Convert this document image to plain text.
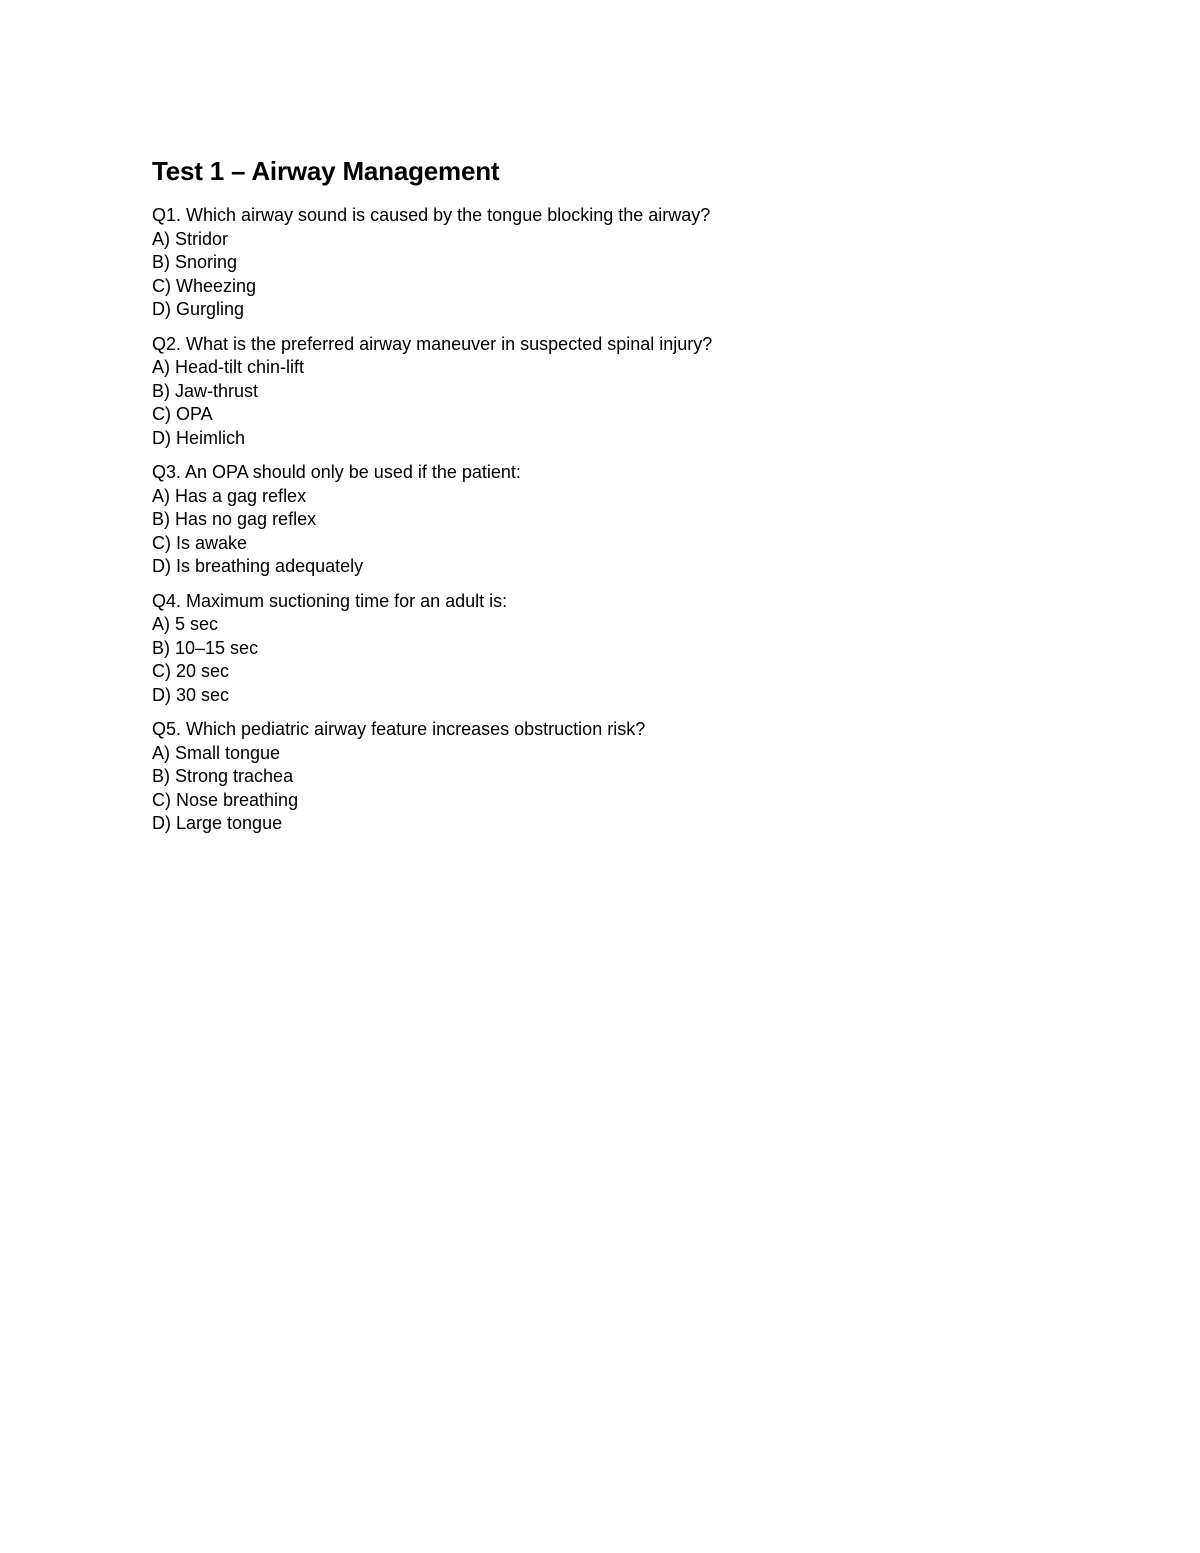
Test 1 – Airway Management

Q1. Which airway sound is caused by the tongue blocking the airway?

A) Stridor
B) Snoring
C) Wheezing
D) Gurgling

Q2. What is the preferred airway maneuver in suspected spinal injury?

A) Head-tilt chin-lift
B) Jaw-thrust
C) OPA
D) Heimlich

Q3. An OPA should only be used if the patient:

A) Has a gag reflex
B) Has no gag reflex
C) Is awake
D) Is breathing adequately

Q4. Maximum suctioning time for an adult is:

A) 5 sec
B) 10–15 sec
C) 20 sec
D) 30 sec

Q5. Which pediatric airway feature increases obstruction risk?

A) Small tongue
B) Strong trachea
C) Nose breathing
D) Large tongue
